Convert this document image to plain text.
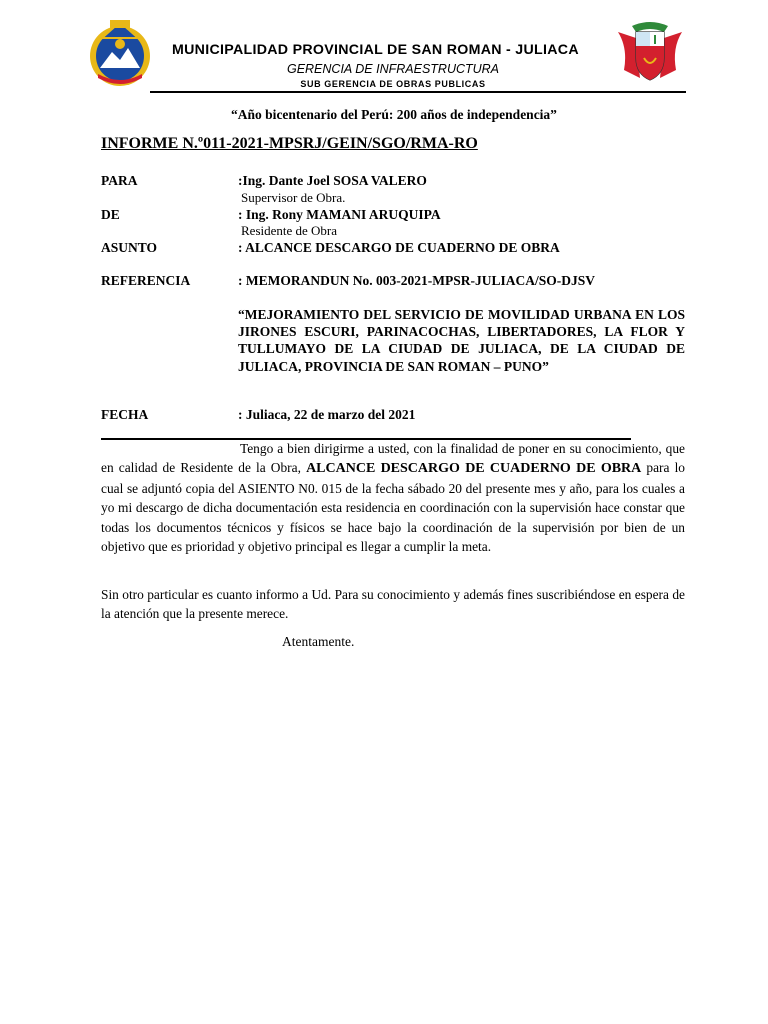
MUNICIPALIDAD PROVINCIAL DE SAN ROMAN - JULIACA
GERENCIA DE INFRAESTRUCTURA
SUB GERENCIA DE OBRAS PUBLICAS
“Año bicentenario del Perú: 200 años de independencia”
INFORME N.º011-2021-MPSRJ/GEIN/SGO/RMA-RO
PARA	:Ing. Dante Joel SOSA VALERO
Supervisor de Obra.
DE	: Ing. Rony MAMANI ARUQUIPA
Residente de Obra
ASUNTO	: ALCANCE DESCARGO DE CUADERNO DE OBRA
REFERENCIA	: MEMORANDUN No. 003-2021-MPSR-JULIACA/SO-DJSV
“MEJORAMIENTO DEL SERVICIO DE MOVILIDAD URBANA EN LOS JIRONES ESCURI, PARINACOCHAS, LIBERTADORES, LA FLOR Y TULLUMAYO DE LA CIUDAD DE JULIACA, DE LA CIUDAD DE JULIACA, PROVINCIA DE SAN ROMAN – PUNO”
FECHA	: Juliaca, 22 de marzo del 2021
Tengo a bien dirigirme a usted, con la finalidad de poner en su conocimiento, que en calidad de Residente de la Obra, ALCANCE DESCARGO DE CUADERNO DE OBRA para lo cual se adjuntó copia del ASIENTO N0. 015 de la fecha sábado 20 del presente mes y año, para los cuales a yo mi descargo de dicha documentación esta residencia en coordinación con la supervisión hace constar que todas los documentos técnicos y físicos se hace bajo la coordinación de la supervisión por bien de un objetivo que es prioridad y objetivo principal es llegar a cumplir la meta.
Sin otro particular es cuanto informo a Ud. Para su conocimiento y además fines suscribiéndose en espera de la atención que la presente merece.
Atentamente.
